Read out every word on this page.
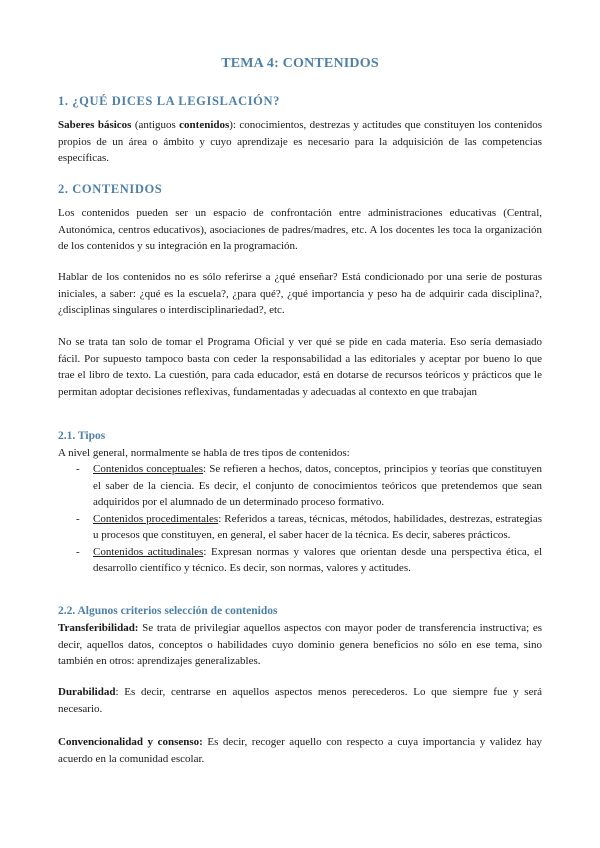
TEMA 4: CONTENIDOS
1. ¿QUÉ DICES LA LEGISLACIÓN?

Saberes básicos (antiguos contenidos): conocimientos, destrezas y actitudes que constituyen los contenidos propios de un área o ámbito y cuyo aprendizaje es necesario para la adquisición de las competencias específicas.

2. CONTENIDOS

Los contenidos pueden ser un espacio de confrontación entre administraciones educativas (Central, Autonómica, centros educativos), asociaciones de padres/madres, etc. A los docentes les toca la organización de los contenidos y su integración en la programación.

Hablar de los contenidos no es sólo referirse a ¿qué enseñar? Está condicionado por una serie de posturas iniciales, a saber: ¿qué es la escuela?, ¿para qué?, ¿qué importancia y peso ha de adquirir cada disciplina?, ¿disciplinas singulares o interdisciplinariedad?, etc.

No se trata tan solo de tomar el Programa Oficial y ver qué se pide en cada materia. Eso sería demasiado fácil. Por supuesto tampoco basta con ceder la responsabilidad a las editoriales y aceptar por bueno lo que trae el libro de texto. La cuestión, para cada educador, está en dotarse de recursos teóricos y prácticos que le permitan adoptar decisiones reflexivas, fundamentadas y adecuadas al contexto en que trabajan

2.1. Tipos

A nivel general, normalmente se habla de tres tipos de contenidos:

- Contenidos conceptuales: Se refieren a hechos, datos, conceptos, principios y teorías que constituyen el saber de la ciencia. Es decir, el conjunto de conocimientos teóricos que pretendemos que sean adquiridos por el alumnado de un determinado proceso formativo.
- Contenidos procedimentales: Referidos a tareas, técnicas, métodos, habilidades, destrezas, estrategias u procesos que constituyen, en general, el saber hacer de la técnica. Es decir, saberes prácticos.
- Contenidos actitudinales: Expresan normas y valores que orientan desde una perspectiva ética, el desarrollo científico y técnico. Es decir, son normas, valores y actitudes.
2.2. Algunos criterios selección de contenidos

Transferibilidad: Se trata de privilegiar aquellos aspectos con mayor poder de transferencia instructiva; es decir, aquellos datos, conceptos o habilidades cuyo dominio genera beneficios no sólo en ese tema, sino también en otros: aprendizajes generalizables.

Durabilidad: Es decir, centrarse en aquellos aspectos menos perecederos. Lo que siempre fue y será necesario.

Convencionalidad y consenso: Es decir, recoger aquello con respecto a cuya importancia y validez hay acuerdo en la comunidad escolar.
